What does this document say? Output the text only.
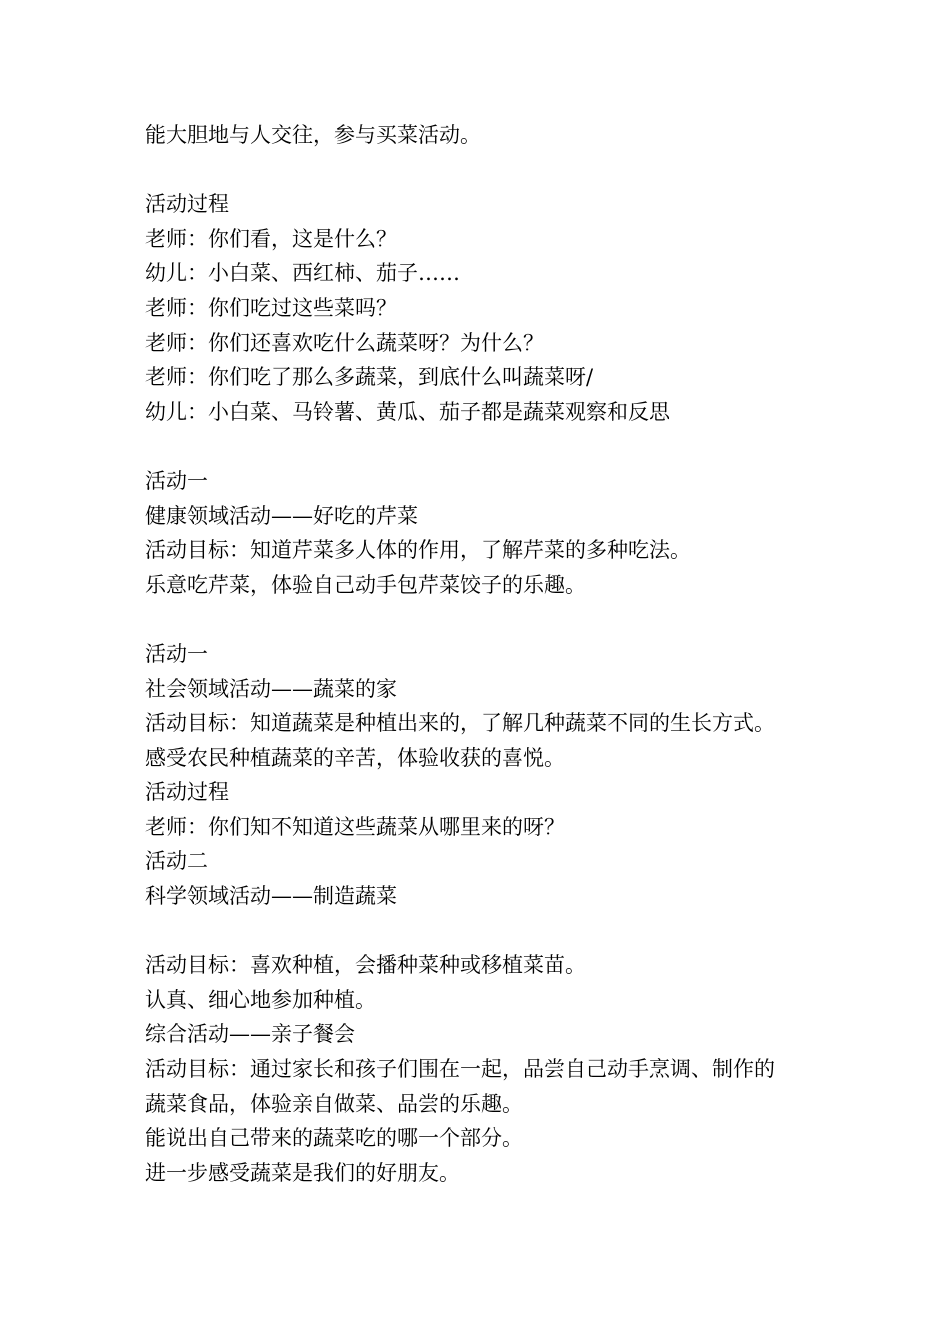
能大胆地与人交往，参与买菜活动。

活动过程

老师：你们看，这是什么？

幼儿：小白菜、西红柿、茄子……

老师：你们吃过这些菜吗？

老师：你们还喜欢吃什么蔬菜呀？为什么？

老师：你们吃了那么多蔬菜，到底什么叫蔬菜呀/

幼儿：小白菜、马铃薯、黄瓜、茄子都是蔬菜观察和反思

活动一

健康领域活动——好吃的芹菜

活动目标：知道芹菜多人体的作用，了解芹菜的多种吃法。

乐意吃芹菜，体验自己动手包芹菜饺子的乐趣。

活动一

社会领域活动——蔬菜的家

活动目标：知道蔬菜是种植出来的，了解几种蔬菜不同的生长方式。

感受农民种植蔬菜的辛苦，体验收获的喜悦。

活动过程

老师：你们知不知道这些蔬菜从哪里来的呀？

活动二

科学领域活动——制造蔬菜

活动目标：喜欢种植，会播种菜种或移植菜苗。

认真、细心地参加种植。

综合活动——亲子餐会

活动目标：通过家长和孩子们围在一起，品尝自己动手烹调、制作的

蔬菜食品，体验亲自做菜、品尝的乐趣。

能说出自己带来的蔬菜吃的哪一个部分。

进一步感受蔬菜是我们的好朋友。
